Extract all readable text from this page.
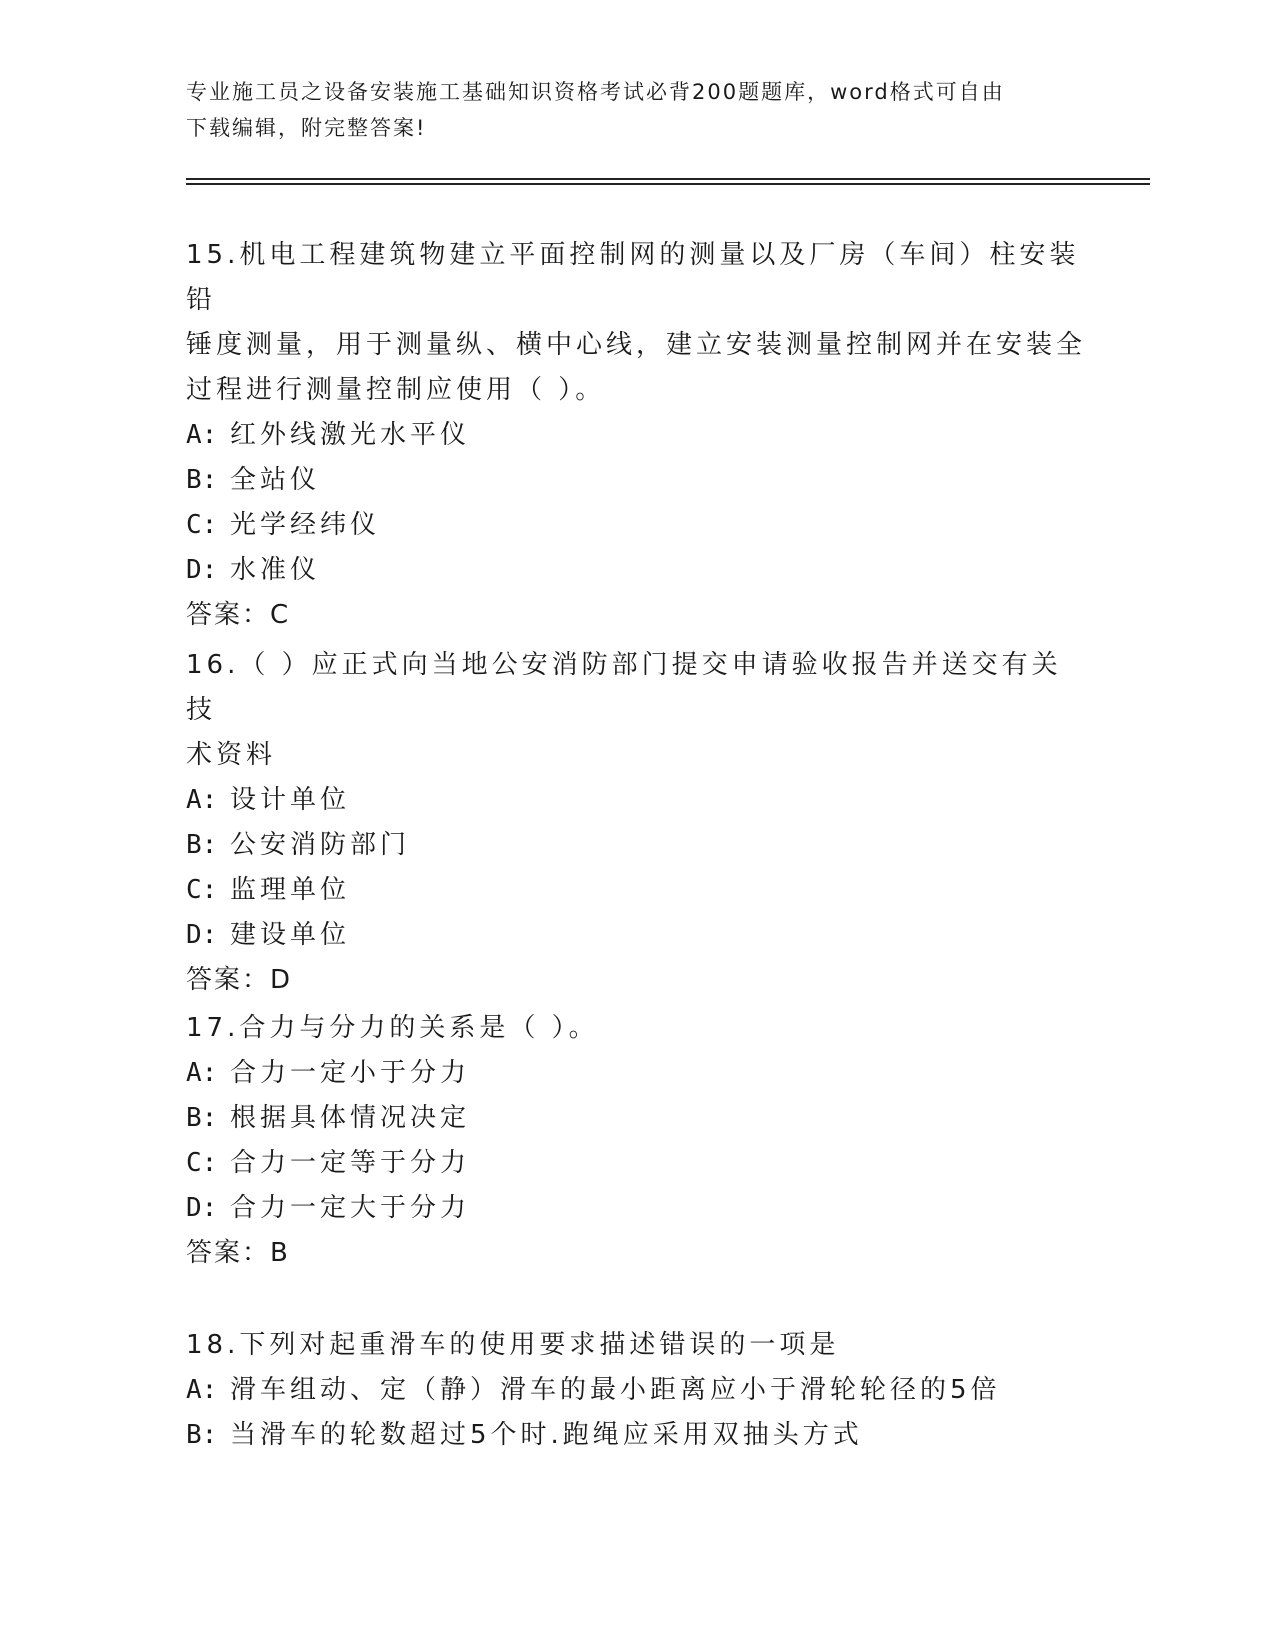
专业施工员之设备安装施工基础知识资格考试必背200题题库，word格式可自由
下载编辑，附完整答案!

15.机电工程建筑物建立平面控制网的测量以及厂房（车间）柱安装铅

锤度测量，用于测量纵、横中心线，建立安装测量控制网并在安装全

过程进行测量控制应使用（ ）。

A: 红外线激光水平仪

B: 全站仪

C: 光学经纬仪

D: 水准仪

答案：C

16.（ ）应正式向当地公安消防部门提交申请验收报告并送交有关技

术资料

A: 设计单位

B: 公安消防部门

C: 监理单位

D: 建设单位

答案：D

17.合力与分力的关系是（ ）。

A: 合力一定小于分力

B: 根据具体情况决定

C: 合力一定等于分力

D: 合力一定大于分力

答案：B

18.下列对起重滑车的使用要求描述错误的一项是

A: 滑车组动、定（静）滑车的最小距离应小于滑轮轮径的5倍

B: 当滑车的轮数超过5个时.跑绳应采用双抽头方式
